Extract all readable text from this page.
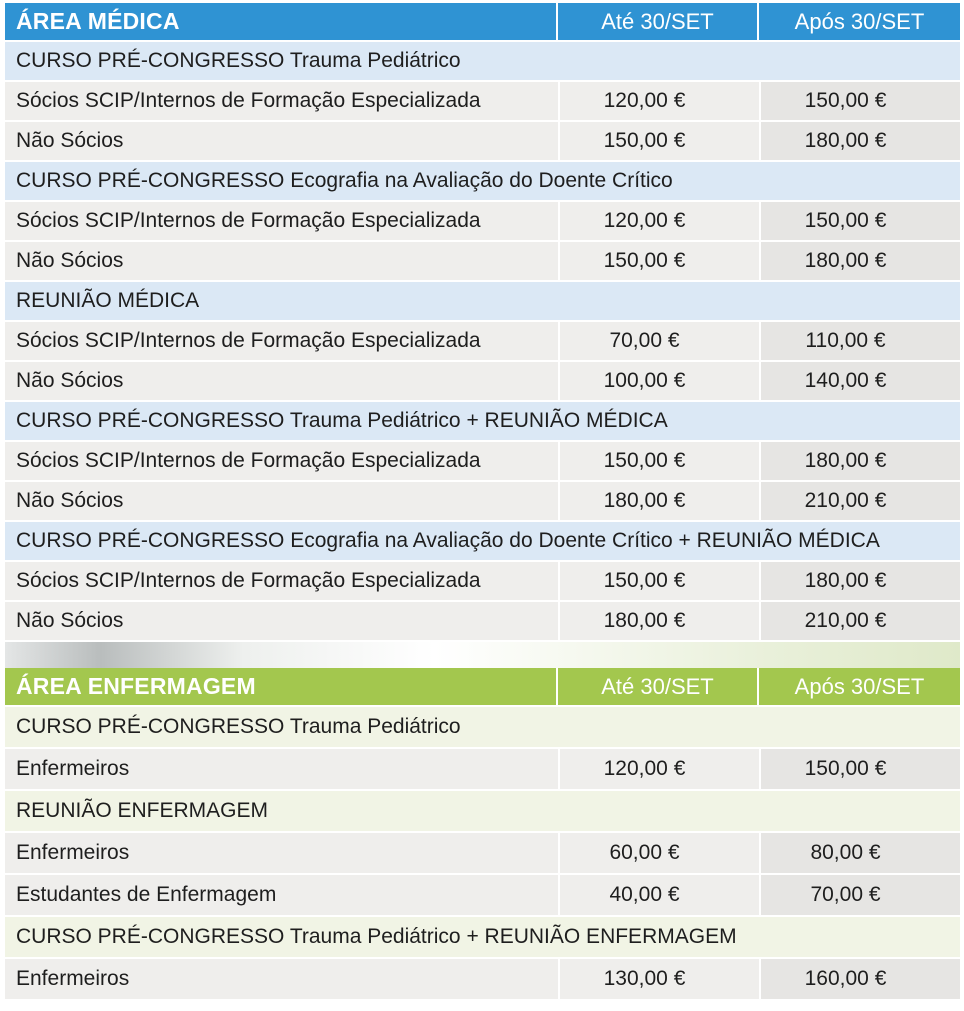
ÁREA MÉDICA	Até 30/SET	Após 30/SET
CURSO PRÉ-CONGRESSO Trauma Pediátrico		
Sócios SCIP/Internos de Formação Especializada	120,00 €	150,00 €
Não Sócios	150,00 €	180,00 €
CURSO PRÉ-CONGRESSO Ecografia na Avaliação do Doente Crítico		
Sócios SCIP/Internos de Formação Especializada	120,00 €	150,00 €
Não Sócios	150,00 €	180,00 €
REUNIÃO MÉDICA		
Sócios SCIP/Internos de Formação Especializada	70,00 €	110,00 €
Não Sócios	100,00 €	140,00 €
CURSO PRÉ-CONGRESSO Trauma Pediátrico + REUNIÃO MÉDICA		
Sócios SCIP/Internos de Formação Especializada	150,00 €	180,00 €
Não Sócios	180,00 €	210,00 €
CURSO PRÉ-CONGRESSO Ecografia na Avaliação do Doente Crítico + REUNIÃO MÉDICA		
Sócios SCIP/Internos de Formação Especializada	150,00 €	180,00 €
Não Sócios	180,00 €	210,00 €
ÁREA ENFERMAGEM	Até 30/SET	Após 30/SET
CURSO PRÉ-CONGRESSO Trauma Pediátrico		
Enfermeiros	120,00 €	150,00 €
REUNIÃO ENFERMAGEM		
Enfermeiros	60,00 €	80,00 €
Estudantes de Enfermagem	40,00 €	70,00 €
CURSO PRÉ-CONGRESSO Trauma Pediátrico + REUNIÃO ENFERMAGEM		
Enfermeiros	130,00 €	160,00 €
